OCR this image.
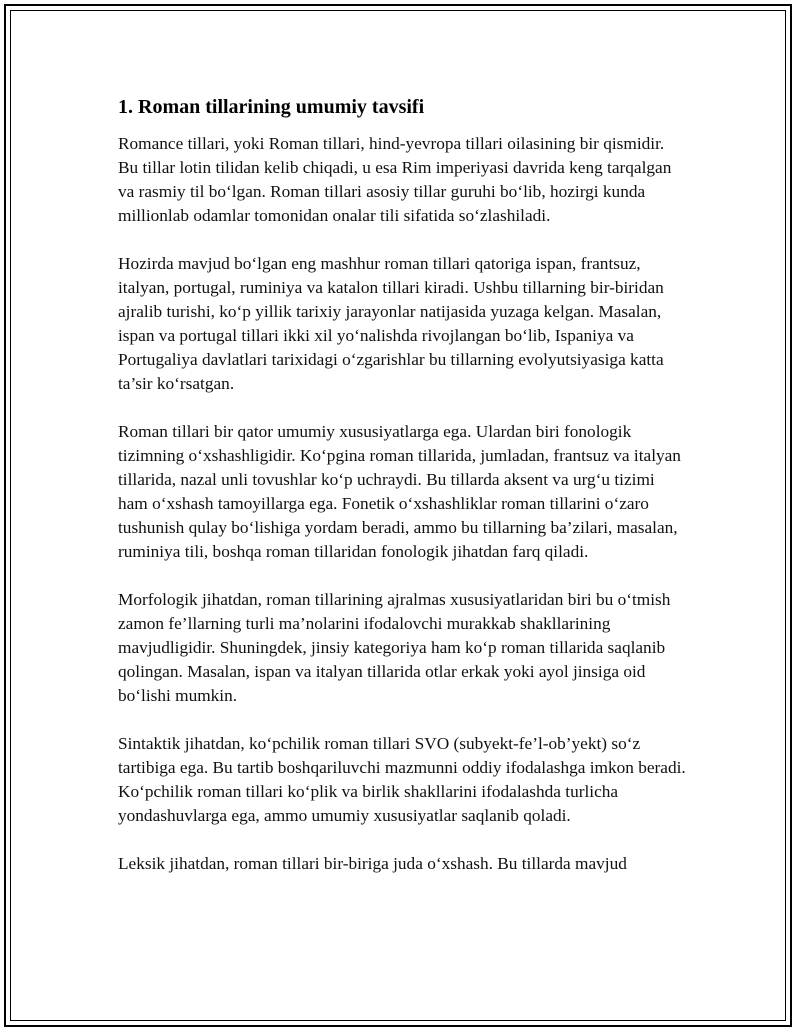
1. Roman tillarining umumiy tavsifi

Romance tillari, yoki Roman tillari, hind-yevropa tillari oilasining bir qismidir. Bu tillar lotin tilidan kelib chiqadi, u esa Rim imperiyasi davrida keng tarqalgan va rasmiy til bo‘lgan. Roman tillari asosiy tillar guruhi bo‘lib, hozirgi kunda millionlab odamlar tomonidan onalar tili sifatida so‘zlashiladi.

Hozirda mavjud bo‘lgan eng mashhur roman tillari qatoriga ispan, frantsuz, italyan, portugal, ruminiya va katalon tillari kiradi. Ushbu tillarning bir-biridan ajralib turishi, ko‘p yillik tarixiy jarayonlar natijasida yuzaga kelgan. Masalan, ispan va portugal tillari ikki xil yo‘nalishda rivojlangan bo‘lib, Ispaniya va Portugaliya davlatlari tarixidagi o‘zgarishlar bu tillarning evolyutsiyasiga katta ta’sir ko‘rsatgan.

Roman tillari bir qator umumiy xususiyatlarga ega. Ulardan biri fonologik tizimning o‘xshashligidir. Ko‘pgina roman tillarida, jumladan, frantsuz va italyan tillarida, nazal unli tovushlar ko‘p uchraydi. Bu tillarda aksent va urg‘u tizimi ham o‘xshash tamoyillarga ega. Fonetik o‘xshashliklar roman tillarini o‘zaro tushunish qulay bo‘lishiga yordam beradi, ammo bu tillarning ba’zilari, masalan, ruminiya tili, boshqa roman tillaridan fonologik jihatdan farq qiladi.

Morfologik jihatdan, roman tillarining ajralmas xususiyatlaridan biri bu o‘tmish zamon fe’llarning turli ma’nolarini ifodalovchi murakkab shakllarining mavjudligidir. Shuningdek, jinsiy kategoriya ham ko‘p roman tillarida saqlanib qolingan. Masalan, ispan va italyan tillarida otlar erkak yoki ayol jinsiga oid bo‘lishi mumkin.

Sintaktik jihatdan, ko‘pchilik roman tillari SVO (subyekt-fe’l-ob’yekt) so‘z tartibiga ega. Bu tartib boshqariluvchi mazmunni oddiy ifodalashga imkon beradi. Ko‘pchilik roman tillari ko‘plik va birlik shakllarini ifodalashda turlicha yondashuvlarga ega, ammo umumiy xususiyatlar saqlanib qoladi.

Leksik jihatdan, roman tillari bir-biriga juda o‘xshash. Bu tillarda mavjud
